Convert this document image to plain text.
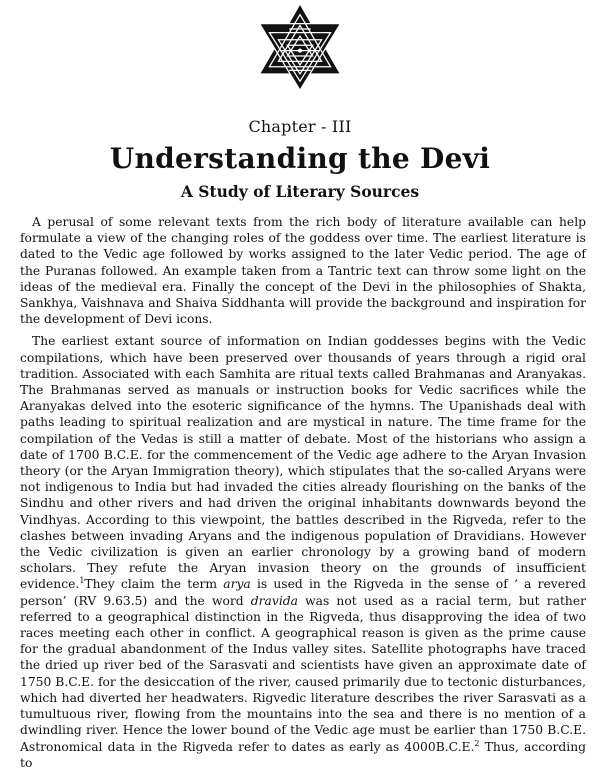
Chapter - III
Understanding the Devi
A Study of Literary Sources

A perusal of some relevant texts from the rich body of literature available can help formulate a view of the changing roles of the goddess over time. The earliest literature is dated to the Vedic age followed by works assigned to the later Vedic period. The age of the Puranas followed. An example taken from a Tantric text can throw some light on the ideas of the medieval era. Finally the concept of the Devi in the philosophies of Shakta, Sankhya, Vaishnava and Shaiva Siddhanta will provide the background and inspiration for the development of Devi icons.

The earliest extant source of information on Indian goddesses begins with the Vedic compilations, which have been preserved over thousands of years through a rigid oral tradition. Associated with each Samhita are ritual texts called Brahmanas and Aranyakas. The Brahmanas served as manuals or instruction books for Vedic sacrifices while the Aranyakas delved into the esoteric significance of the hymns. The Upanishads deal with paths leading to spiritual realization and are mystical in nature. The time frame for the compilation of the Vedas is still a matter of debate. Most of the historians who assign a date of 1700 B.C.E. for the commencement of the Vedic age adhere to the Aryan Invasion theory (or the Aryan Immigration theory), which stipulates that the so-called Aryans were not indigenous to India but had invaded the cities already flourishing on the banks of the Sindhu and other rivers and had driven the original inhabitants downwards beyond the Vindhyas. According to this viewpoint, the battles described in the Rigveda, refer to the clashes between invading Aryans and the indigenous population of Dravidians. However the Vedic civilization is given an earlier chronology by a growing band of modern scholars. They refute the Aryan invasion theory on the grounds of insufficient evidence.$^1$They claim the term arya is used in the Rigveda in the sense of ‘ a revered person’ (RV 9.63.5) and the word dravida was not used as a racial term, but rather referred to a geographical distinction in the Rigveda, thus disapproving the idea of two races meeting each other in conflict. A geographical reason is given as the prime cause for the gradual abandonment of the Indus valley sites. Satellite photographs have traced the dried up river bed of the Sarasvati and scientists have given an approximate date of 1750 B.C.E. for the desiccation of the river, caused primarily due to tectonic disturbances, which had diverted her headwaters. Rigvedic literature describes the river Sarasvati as a tumultuous river, flowing from the mountains into the sea and there is no mention of a dwindling river. Hence the lower bound of the Vedic age must be earlier than 1750 B.C.E. Astronomical data in the Rigveda refer to dates as early as 4000B.C.E.$^2$ Thus, according to
